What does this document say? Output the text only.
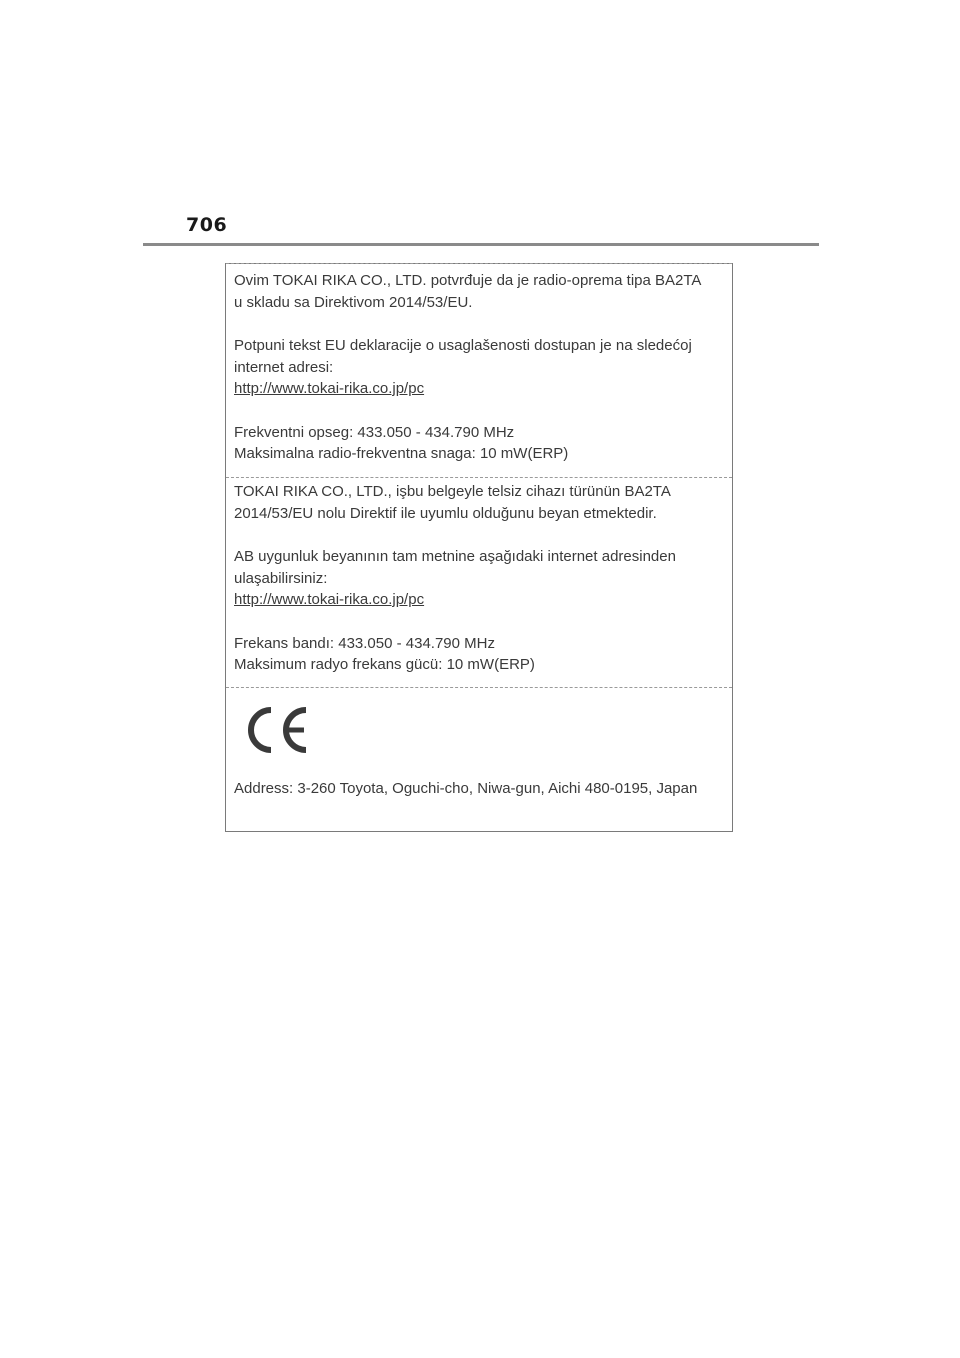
706
Ovim TOKAI RIKA CO., LTD. potvrđuje da je radio-oprema tipa BA2TA
u skladu sa Direktivom 2014/53/EU.
Potpuni tekst EU deklaracije o usaglašenosti dostupan je na sledećoj
internet adresi:
http://www.tokai-rika.co.jp/pc
Frekventni opseg: 433.050 - 434.790 MHz
Maksimalna radio-frekventna snaga: 10 mW(ERP)
TOKAI RIKA CO., LTD., işbu belgeyle telsiz cihazı türünün BA2TA
2014/53/EU nolu Direktif ile uyumlu olduğunu beyan etmektedir.
AB uygunluk beyanının tam metnine aşağıdaki internet adresinden
ulaşabilirsiniz:
http://www.tokai-rika.co.jp/pc
Frekans bandı: 433.050 - 434.790 MHz
Maksimum radyo frekans gücü: 10 mW(ERP)
Address: 3-260 Toyota, Oguchi-cho, Niwa-gun, Aichi 480-0195, Japan
